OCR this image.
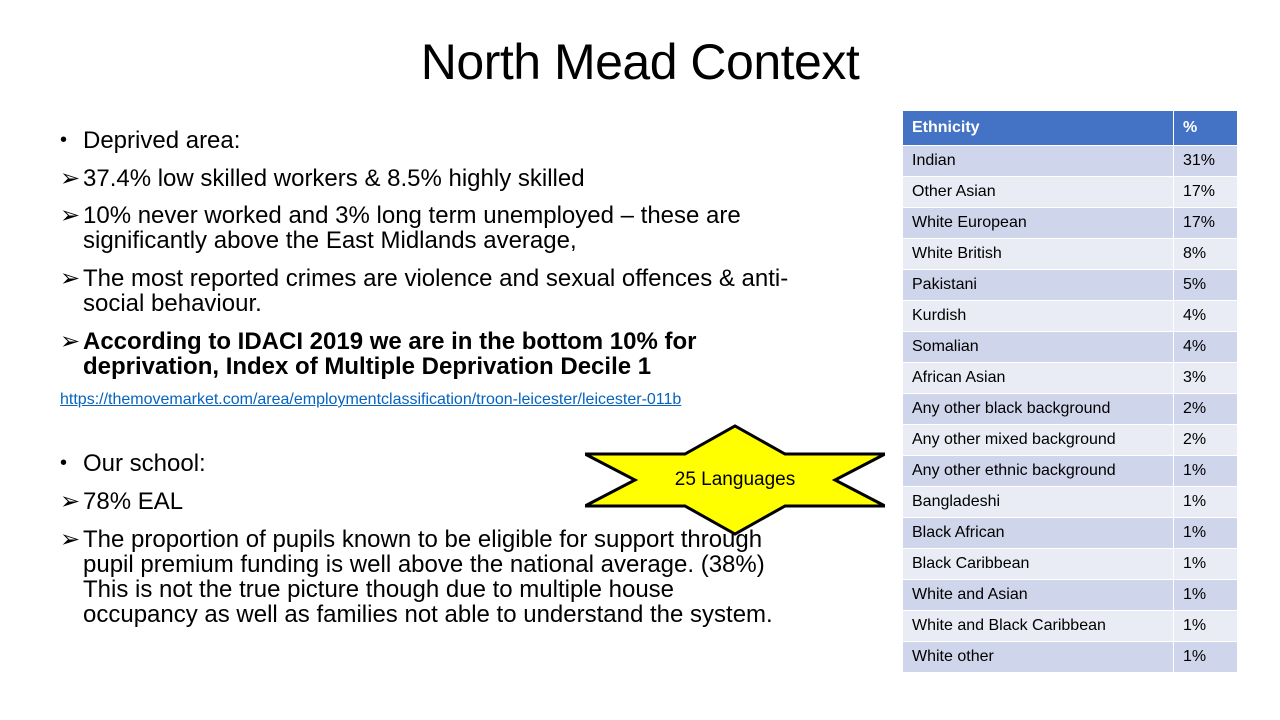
North Mead Context
• Deprived area:
➢ 37.4% low skilled workers & 8.5% highly skilled
➢ 10% never worked and 3% long term unemployed – these are significantly above the East Midlands average,
➢ The most reported crimes are violence and sexual offences & anti-social behaviour.
➢ According to IDACI 2019 we are in the bottom 10% for deprivation, Index of Multiple Deprivation Decile 1
https://themovemarket.com/area/employmentclassification/troon-leicester/leicester-011b
• Our school:
➢ 78% EAL
➢ The proportion of pupils known to be eligible for support through pupil premium funding is well above the national average. (38%) This is not the true picture though due to multiple house occupancy as well as families not able to understand the system.
25 Languages
Ethnicity	%
Indian	31%
Other Asian	17%
White European	17%
White British	8%
Pakistani	5%
Kurdish	4%
Somalian	4%
African Asian	3%
Any other black background	2%
Any other mixed background	2%
Any other ethnic background	1%
Bangladeshi	1%
Black African	1%
Black Caribbean	1%
White and Asian	1%
White and Black Caribbean	1%
White other	1%
